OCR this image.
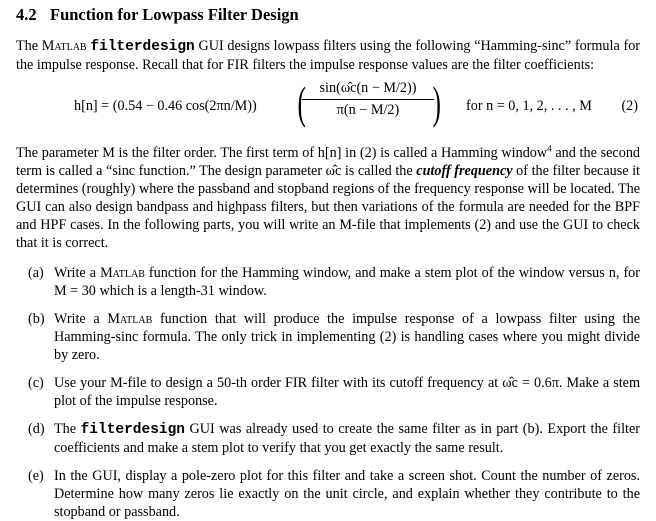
4.2 Function for Lowpass Filter Design

The Matlab filterdesign GUI designs lowpass filters using the following “Hamming-sinc” formula for the impulse response. Recall that for FIR filters the impulse response values are the filter coefficients:

h[n] = (0.54 − 0.46 cos(2πn/M)) (
$\frac{\sin(\omegâc(n - M/2))}{\pi(n - M/2)}$
) for n = 0, 1, 2, . . . , M (2)

The parameter M is the filter order. The first term of h[n] in (2) is called a Hamming window$^4$ and the second term is called a “sinc function.” The design parameter ω̂c is called the cutoff frequency of the filter because it determines (roughly) where the passband and stopband regions of the frequency response will be located. The GUI can also design bandpass and highpass filters, but then variations of the formula are needed for the BPF and HPF cases. In the following parts, you will write an M-file that implements (2) and use the GUI to check that it is correct.

(a) Write a Matlab function for the Hamming window, and make a stem plot of the window versus n, for M = 30 which is a length-31 window.
(b) Write a Matlab function that will produce the impulse response of a lowpass filter using the Hamming-sinc formula. The only trick in implementing (2) is handling cases where you might divide by zero.
(c) Use your M-file to design a 50-th order FIR filter with its cutoff frequency at ω̂c = 0.6π. Make a stem plot of the impulse response.
(d) The filterdesign GUI was already used to create the same filter as in part (b). Export the filter coefficients and make a stem plot to verify that you get exactly the same result.
(e) In the GUI, display a pole-zero plot for this filter and take a screen shot. Count the number of zeros. Determine how many zeros lie exactly on the unit circle, and explain whether they contribute to the stopband or passband.
